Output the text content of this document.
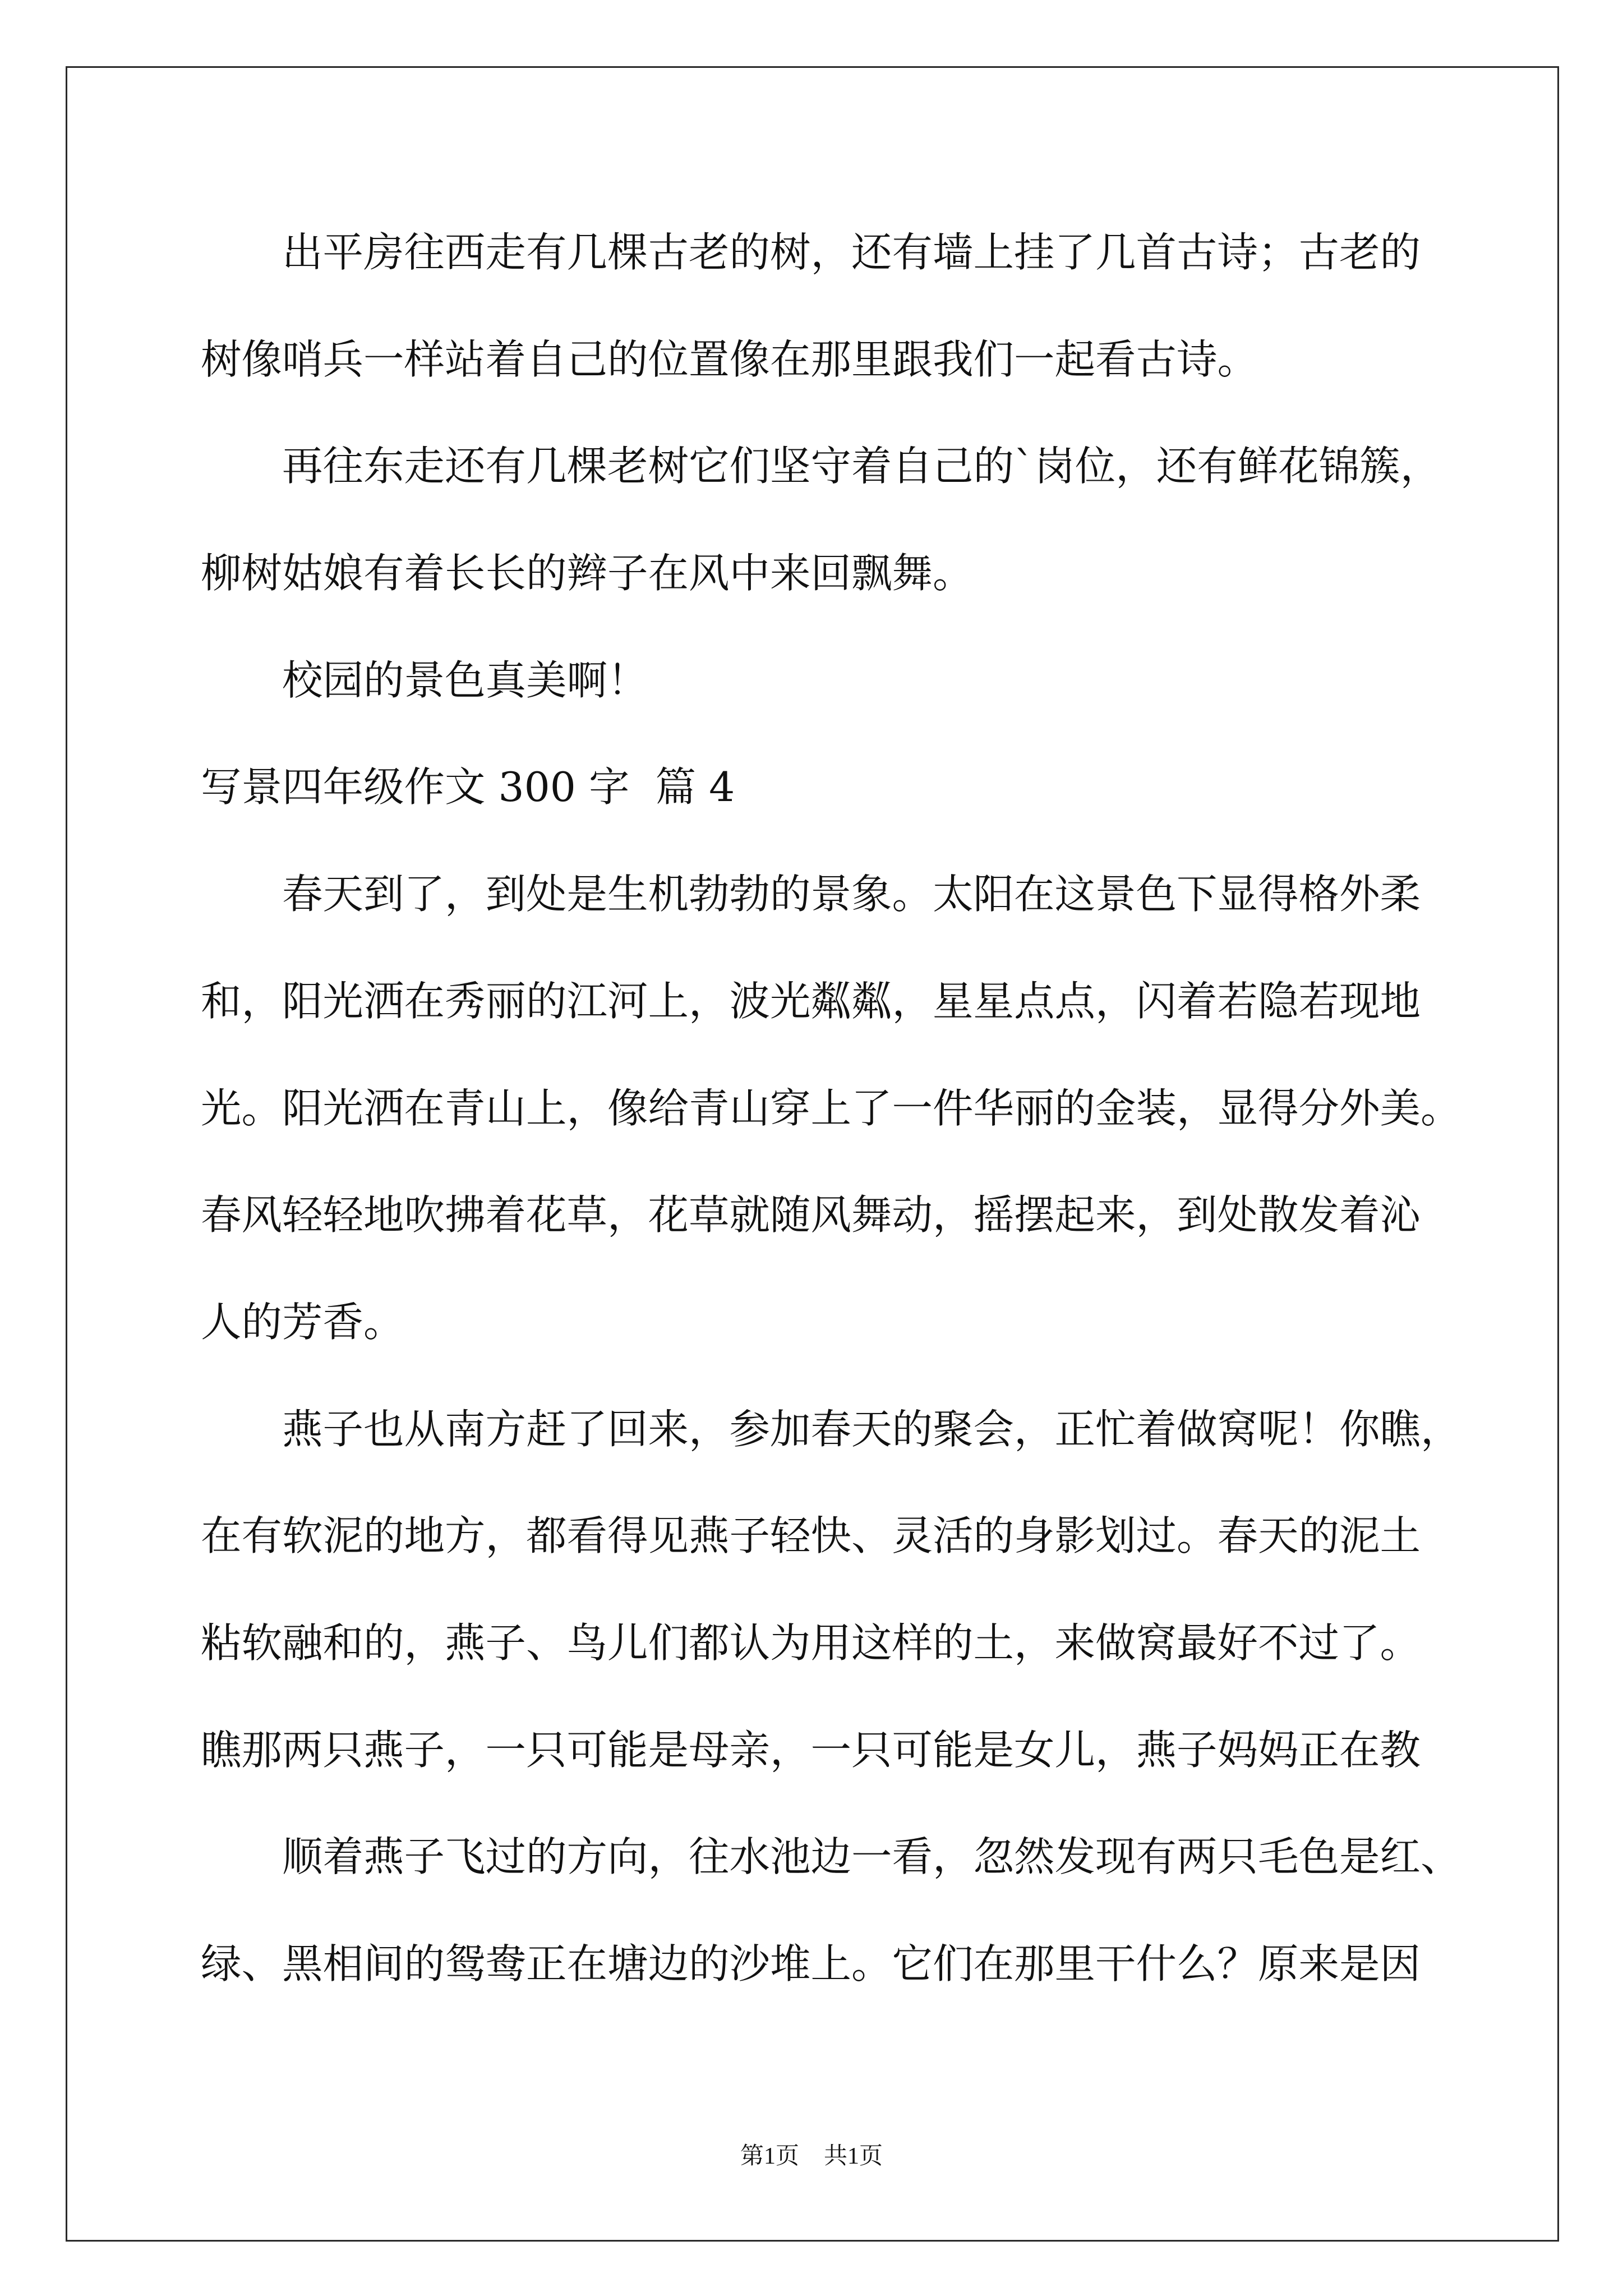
出平房往西走有几棵古老的树，还有墙上挂了几首古诗；古老的
树像哨兵一样站着自己的位置像在那里跟我们一起看古诗。
再往东走还有几棵老树它们坚守着自己的`岗位，还有鲜花锦簇，
柳树姑娘有着长长的辫子在风中来回飘舞。
校园的景色真美啊！
写景四年级作文 300 字  篇 4
春天到了，到处是生机勃勃的景象。太阳在这景色下显得格外柔
和，阳光洒在秀丽的江河上，波光粼粼，星星点点，闪着若隐若现地
光。阳光洒在青山上，像给青山穿上了一件华丽的金装，显得分外美。
春风轻轻地吹拂着花草，花草就随风舞动，摇摆起来，到处散发着沁
人的芳香。
燕子也从南方赶了回来，参加春天的聚会，正忙着做窝呢！你瞧，
在有软泥的地方，都看得见燕子轻快、灵活的身影划过。春天的泥土
粘软融和的，燕子、鸟儿们都认为用这样的土，来做窝最好不过了。
瞧那两只燕子，一只可能是母亲，一只可能是女儿，燕子妈妈正在教
顺着燕子飞过的方向，往水池边一看，忽然发现有两只毛色是红、
绿、黑相间的鸳鸯正在塘边的沙堆上。它们在那里干什么？原来是因
第1页 共1页
